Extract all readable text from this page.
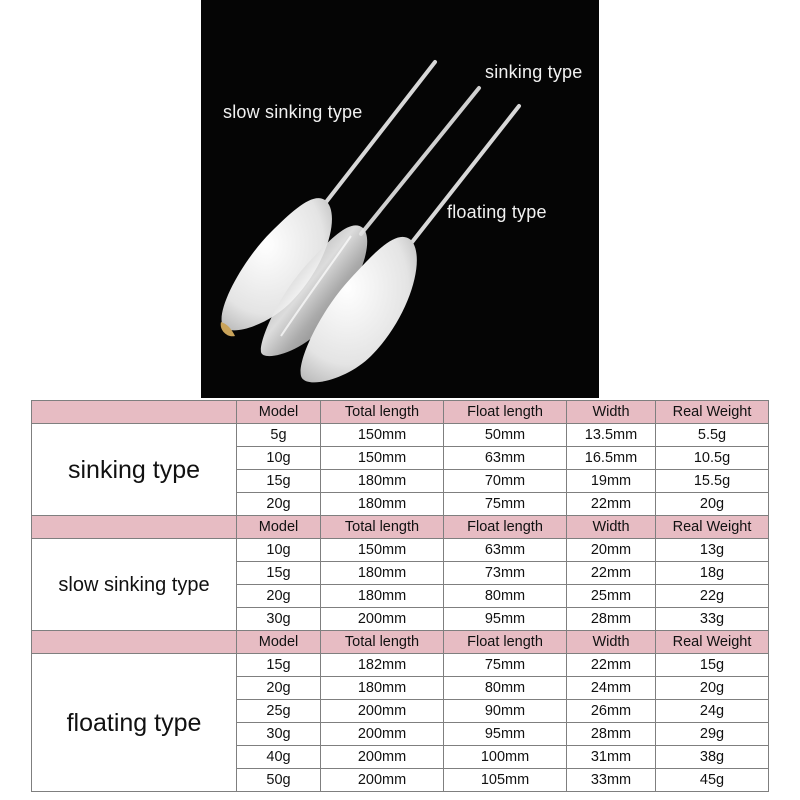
slow sinking type
sinking type
floating type
	Model	Total length	Float length	Width	Real Weight

sinking type	5g	150mm	50mm	13.5mm	5.5g
	10g	150mm	63mm	16.5mm	10.5g
	15g	180mm	70mm	19mm	15.5g
	20g	180mm	75mm	22mm	20g
	Model	Total length	Float length	Width	Real Weight

slow sinking type	10g	150mm	63mm	20mm	13g
	15g	180mm	73mm	22mm	18g
	20g	180mm	80mm	25mm	22g
	30g	200mm	95mm	28mm	33g
	Model	Total length	Float length	Width	Real Weight

floating type	15g	182mm	75mm	22mm	15g
	20g	180mm	80mm	24mm	20g
	25g	200mm	90mm	26mm	24g
	30g	200mm	95mm	28mm	29g
	40g	200mm	100mm	31mm	38g
	50g	200mm	105mm	33mm	45g
